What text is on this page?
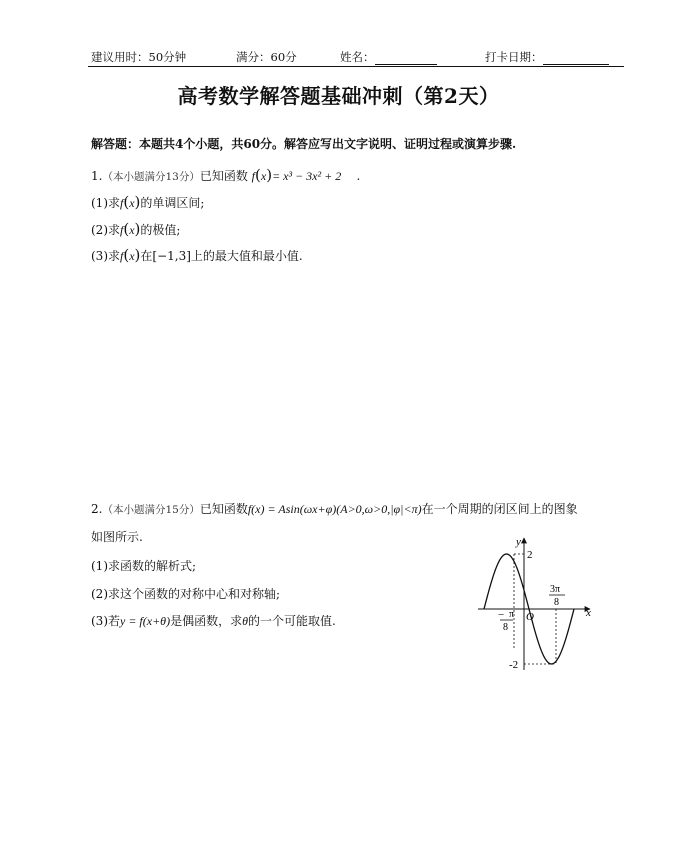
建议用时：50分钟	满分：60分	姓名：	打卡日期：
高考数学解答题基础冲刺（第2天）
解答题：本题共4个小题，共60分。解答应写出文字说明、证明过程或演算步骤.
1.（本小题满分13分）已知函数 f(x)= x³ − 3x² + 2 .
(1)求f(x)的单调区间;
(2)求f(x)的极值;
(3)求f(x)在[−1,3]上的最大值和最小值.
2.（本小题满分15分）已知函数f(x) = Asin(ωx+φ)(A>0,ω>0,|φ|<π)在一个周期的闭区间上的图象
如图所示.
(1)求函数的解析式;
(2)求这个函数的对称中心和对称轴;
(3)若y = f(x+θ)是偶函数，求θ的一个可能取值.
y
x
2
-2
O
π
8
−
3π
8
